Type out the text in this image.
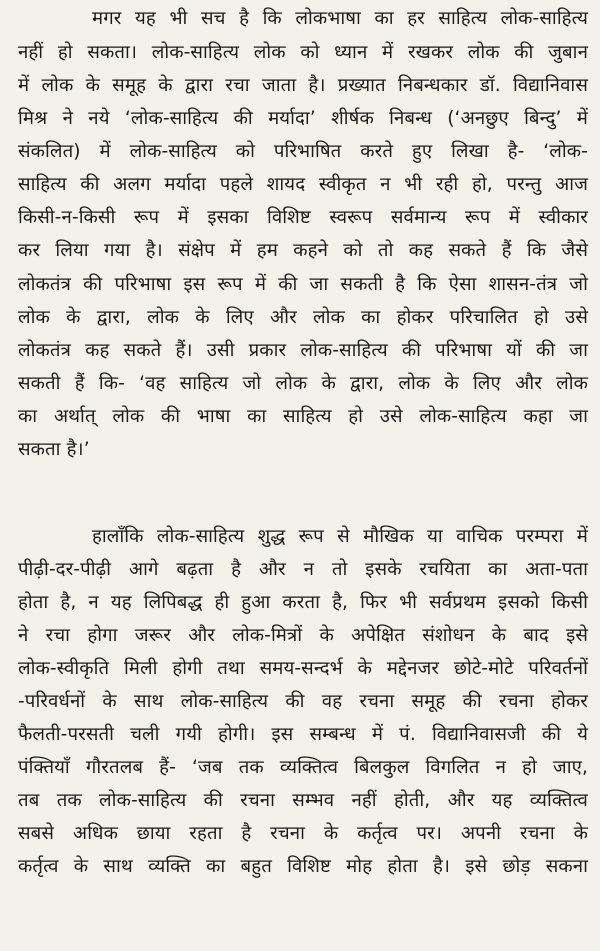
मगर यह भी सच है कि लोकभाषा का हर साहित्य लोक-साहित्य
नहीं हो सकता। लोक-साहित्य लोक को ध्यान में रखकर लोक की जुबान
में लोक के समूह के द्वारा रचा जाता है। प्रख्यात निबन्धकार डॉ. विद्यानिवास
मिश्र ने नये ‘लोक-साहित्य की मर्यादा’ शीर्षक निबन्ध (‘अनछुए बिन्दु’ में
संकलित) में लोक-साहित्य को परिभाषित करते हुए लिखा है- ‘लोक-
साहित्य की अलग मर्यादा पहले शायद स्वीकृत न भी रही हो, परन्तु आज
किसी-न-किसी रूप में इसका विशिष्ट स्वरूप सर्वमान्य रूप में स्वीकार
कर लिया गया है। संक्षेप में हम कहने को तो कह सकते हैं कि जैसे
लोकतंत्र की परिभाषा इस रूप में की जा सकती है कि ऐसा शासन-तंत्र जो
लोक के द्वारा, लोक के लिए और लोक का होकर परिचालित हो उसे
लोकतंत्र कह सकते हैं। उसी प्रकार लोक-साहित्य की परिभाषा यों की जा
सकती हैं कि- ‘वह साहित्य जो लोक के द्वारा, लोक के लिए और लोक
का अर्थात् लोक की भाषा का साहित्य हो उसे लोक-साहित्य कहा जा
सकता है।’
हालाँकि लोक-साहित्य शुद्ध रूप से मौखिक या वाचिक परम्परा में
पीढ़ी-दर-पीढ़ी आगे बढ़ता है और न तो इसके रचयिता का अता-पता
होता है, न यह लिपिबद्ध ही हुआ करता है, फिर भी सर्वप्रथम इसको किसी
ने रचा होगा जरूर और लोक-मित्रों के अपेक्षित संशोधन के बाद इसे
लोक-स्वीकृति मिली होगी तथा समय-सन्दर्भ के मद्देनजर छोटे-मोटे परिवर्तनों
-परिवर्धनों के साथ लोक-साहित्य की वह रचना समूह की रचना होकर
फैलती-परसती चली गयी होगी। इस सम्बन्ध में पं. विद्यानिवासजी की ये
पंक्तियाँ गौरतलब हैं- ‘जब तक व्यक्तित्व बिलकुल विगलित न हो जाए,
तब तक लोक-साहित्य की रचना सम्भव नहीं होती, और यह व्यक्तित्व
सबसे अधिक छाया रहता है रचना के कर्तृत्व पर। अपनी रचना के
कर्तृत्व के साथ व्यक्ति का बहुत विशिष्ट मोह होता है। इसे छोड़ सकना
